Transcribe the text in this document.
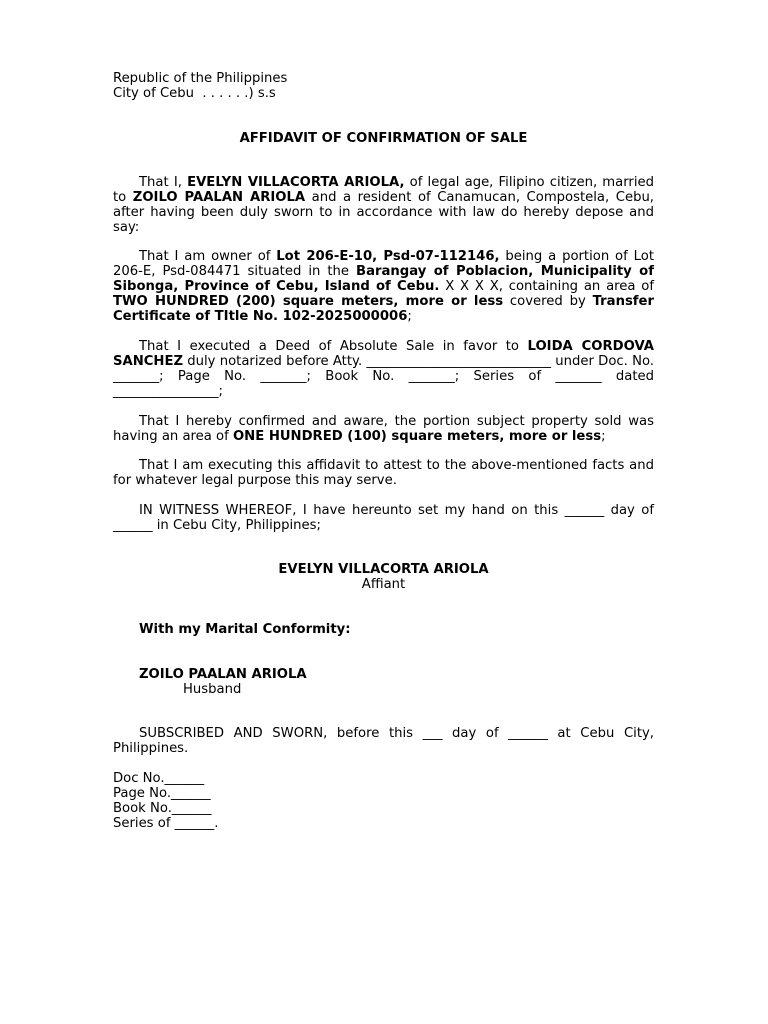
Republic of the Philippines
City of Cebu  . . . . . .) s.s
AFFIDAVIT OF CONFIRMATION OF SALE

That I, EVELYN VILLACORTA ARIOLA, of legal age, Filipino citizen, married to ZOILO PAALAN ARIOLA and a resident of Canamucan, Compostela, Cebu, after having been duly sworn to in accordance with law do hereby depose and say:

That I am owner of Lot 206-E-10, Psd-07-112146, being a portion of Lot 206-E, Psd-084471 situated in the Barangay of Poblacion, Municipality of Sibonga, Province of Cebu, Island of Cebu. X X X X, containing an area of TWO HUNDRED (200) square meters, more or less covered by Transfer Certificate of TItle No. 102-2025000006;

That I executed a Deed of Absolute Sale in favor to LOIDA CORDOVA SANCHEZ duly notarized before Atty. ____________________________ under Doc. No. _______; Page No. _______; Book No. _______; Series of _______ dated ________________;

That I hereby confirmed and aware, the portion subject property sold was having an area of ONE HUNDRED (100) square meters, more or less;

That I am executing this affidavit to attest to the above-mentioned facts and for whatever legal purpose this may serve.

IN WITNESS WHEREOF, I have hereunto set my hand on this ______ day of ______ in Cebu City, Philippines;

EVELYN VILLACORTA ARIOLA
Affiant
With my Marital Conformity:
ZOILO PAALAN ARIOLA
Husband

SUBSCRIBED AND SWORN, before this ___ day of ______ at Cebu City, Philippines.

Doc No.______
Page No.______
Book No.______
Series of ______.
